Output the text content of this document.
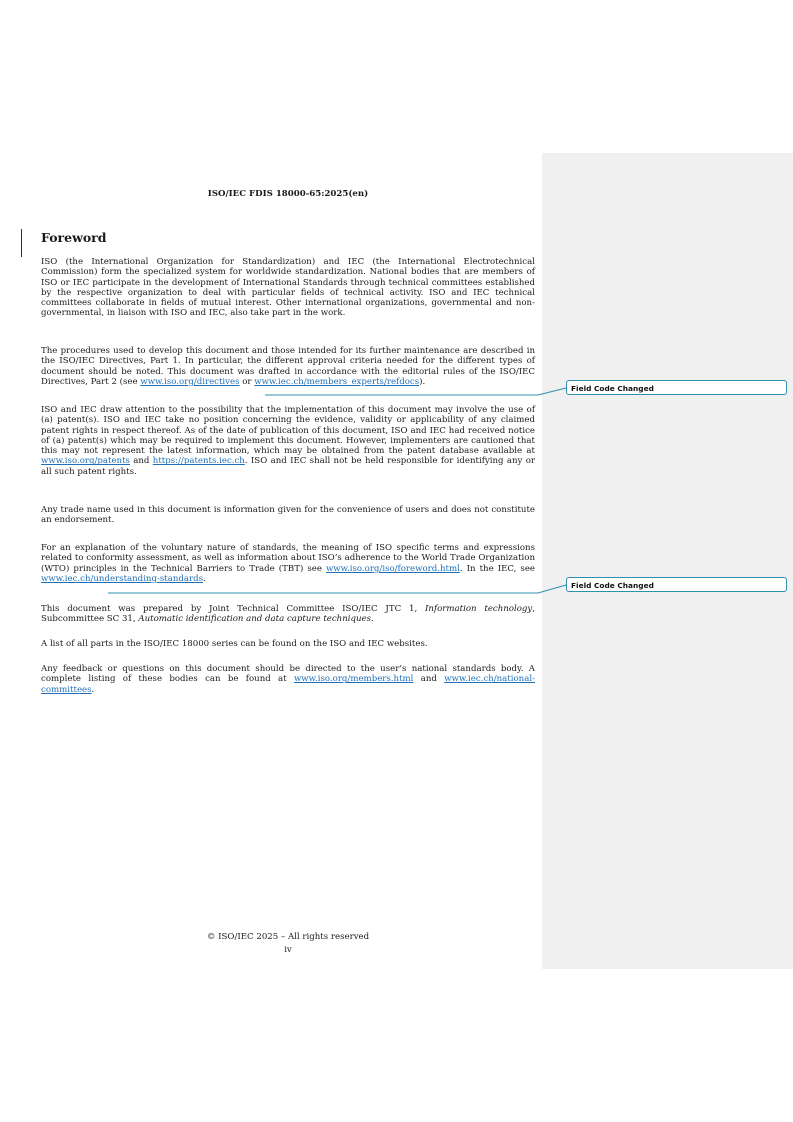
ISO/IEC FDIS 18000-65:2025(en)
Foreword

ISO (the International Organization for Standardization) and IEC (the International Electrotechnical Commission) form the specialized system for worldwide standardization. National bodies that are members of ISO or IEC participate in the development of International Standards through technical committees established by the respective organization to deal with particular fields of technical activity. ISO and IEC technical committees collaborate in fields of mutual interest. Other international organizations, governmental and non-governmental, in liaison with ISO and IEC, also take part in the work.

The procedures used to develop this document and those intended for its further maintenance are described in the ISO/IEC Directives, Part 1. In particular, the different approval criteria needed for the different types of document should be noted. This document was drafted in accordance with the editorial rules of the ISO/IEC Directives, Part 2 (see www.iso.org/directives or www.iec.ch/members_experts/refdocs).

ISO and IEC draw attention to the possibility that the implementation of this document may involve the use of (a) patent(s). ISO and IEC take no position concerning the evidence, validity or applicability of any claimed patent rights in respect thereof. As of the date of publication of this document, ISO and IEC had received notice of (a) patent(s) which may be required to implement this document. However, implementers are cautioned that this may not represent the latest information, which may be obtained from the patent database available at www.iso.org/patents and https://patents.iec.ch. ISO and IEC shall not be held responsible for identifying any or all such patent rights.

Any trade name used in this document is information given for the convenience of users and does not constitute an endorsement.

For an explanation of the voluntary nature of standards, the meaning of ISO specific terms and expressions related to conformity assessment, as well as information about ISO’s adherence to the World Trade Organization (WTO) principles in the Technical Barriers to Trade (TBT) see www.iso.org/iso/foreword.html. In the IEC, see www.iec.ch/understanding-standards.

This document was prepared by Joint Technical Committee ISO/IEC JTC 1, Information technology, Subcommittee SC 31, Automatic identification and data capture techniques.

A list of all parts in the ISO/IEC 18000 series can be found on the ISO and IEC websites.

Any feedback or questions on this document should be directed to the user’s national standards body. A complete listing of these bodies can be found at www.iso.org/members.html and www.iec.ch/national-committees.

Field Code Changed
Field Code Changed
© ISO/IEC 2025 – All rights reserved
iv
